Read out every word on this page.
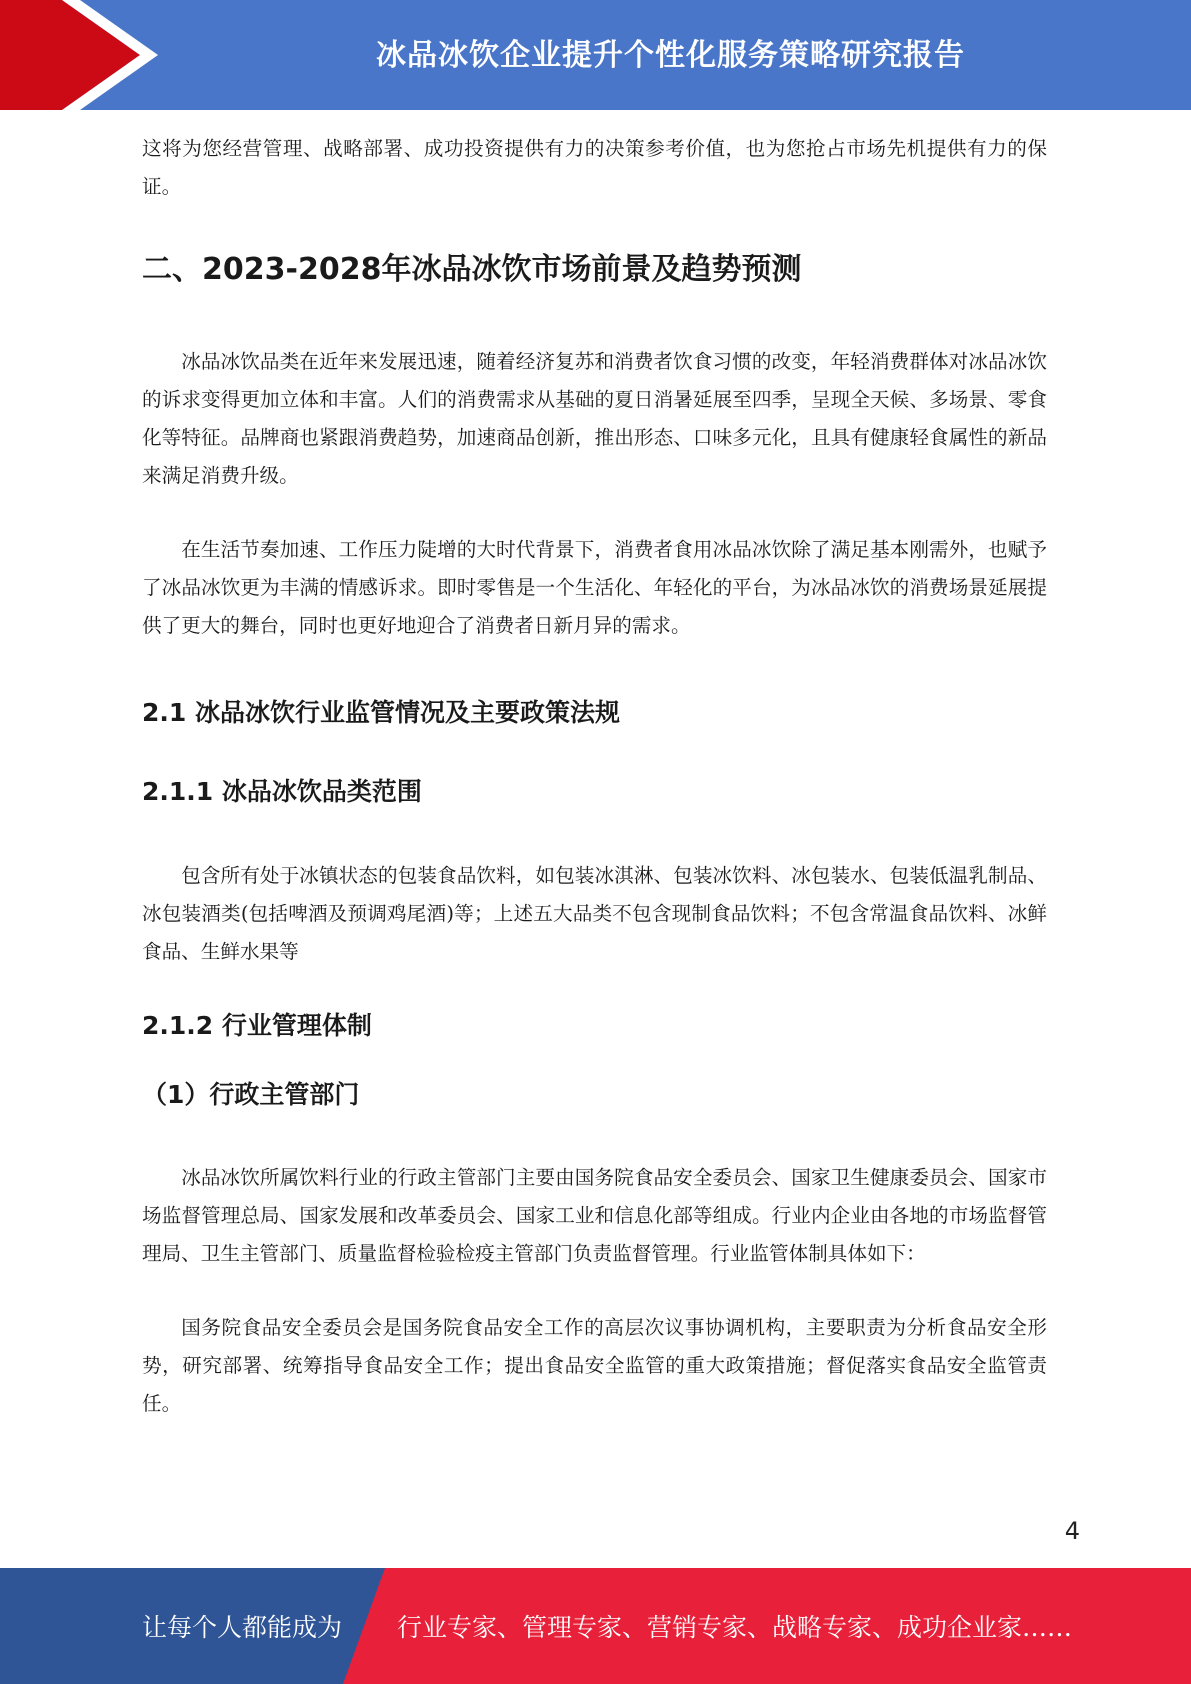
冰品冰饮企业提升个性化服务策略研究报告

这将为您经营管理、战略部署、成功投资提供有力的决策参考价值，也为您抢占市场先机提供有力的保证。

二、2023-2028年冰品冰饮市场前景及趋势预测

冰品冰饮品类在近年来发展迅速，随着经济复苏和消费者饮食习惯的改变，年轻消费群体对冰品冰饮的诉求变得更加立体和丰富。人们的消费需求从基础的夏日消暑延展至四季，呈现全天候、多场景、零食化等特征。品牌商也紧跟消费趋势，加速商品创新，推出形态、口味多元化，且具有健康轻食属性的新品来满足消费升级。

在生活节奏加速、工作压力陡增的大时代背景下，消费者食用冰品冰饮除了满足基本刚需外，也赋予了冰品冰饮更为丰满的情感诉求。即时零售是一个生活化、年轻化的平台，为冰品冰饮的消费场景延展提供了更大的舞台，同时也更好地迎合了消费者日新月异的需求。

2.1 冰品冰饮行业监管情况及主要政策法规
2.1.1 冰品冰饮品类范围

包含所有处于冰镇状态的包装食品饮料，如包装冰淇淋、包装冰饮料、冰包装水、包装低温乳制品、冰包装酒类(包括啤酒及预调鸡尾酒)等；上述五大品类不包含现制食品饮料；不包含常温食品饮料、冰鲜食品、生鲜水果等

2.1.2 行业管理体制
（1）行政主管部门

冰品冰饮所属饮料行业的行政主管部门主要由国务院食品安全委员会、国家卫生健康委员会、国家市场监督管理总局、国家发展和改革委员会、国家工业和信息化部等组成。行业内企业由各地的市场监督管理局、卫生主管部门、质量监督检验检疫主管部门负责监督管理。行业监管体制具体如下：

国务院食品安全委员会是国务院食品安全工作的高层次议事协调机构，主要职责为分析食品安全形势，研究部署、统筹指导食品安全工作；提出食品安全监管的重大政策措施；督促落实食品安全监管责任。

4
让每个人都能成为 行业专家、管理专家、营销专家、战略专家、成功企业家……
